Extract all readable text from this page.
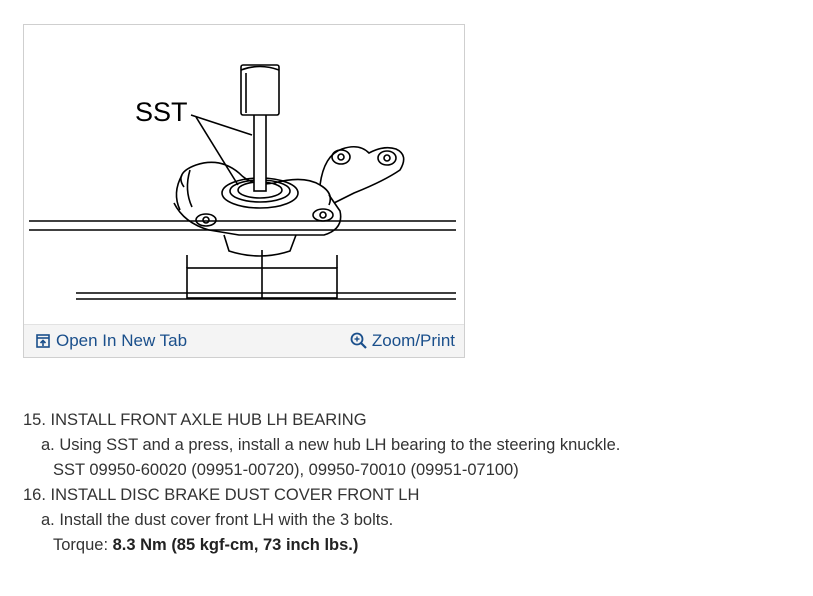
SST
Open In New Tab	Zoom/Print
15. INSTALL FRONT AXLE HUB LH BEARING
a. Using SST and a press, install a new hub LH bearing to the steering knuckle.
SST 09950-60020 (09951-00720), 09950-70010 (09951-07100)
16. INSTALL DISC BRAKE DUST COVER FRONT LH
a. Install the dust cover front LH with the 3 bolts.
Torque: 8.3 Nm (85 kgf-cm, 73 inch lbs.)
